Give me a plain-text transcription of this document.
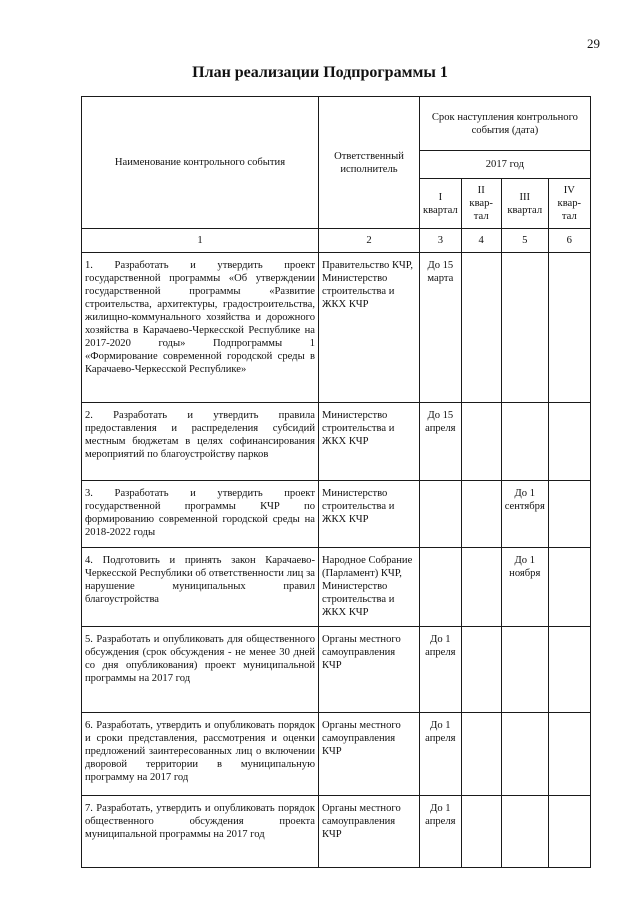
29
План реализации Подпрограммы 1
Наименование контрольного события	Ответственный исполнитель	Срок наступления контрольного события (дата)			
		2017 год			
		I квартал	II квар-тал	III квартал	IV квар-тал
1	2	3	4	5	6
1. Разработать и утвердить проект государственной программы «Об утверждении государственной программы «Развитие строительства, архитектуры, градостроительства, жилищно-коммунального хозяйства и дорожного хозяйства в Карачаево-Черкесской Республике на 2017-2020 годы» Подпрограммы 1 «Формирование современной городской среды в Карачаево-Черкесской Республике»	Правительство КЧР, Министерство строительства и ЖКХ КЧР	До 15 марта			
2. Разработать и утвердить правила предоставления и распределения субсидий местным бюджетам в целях софинансирования мероприятий по благоустройству парков	Министерство строительства и ЖКХ КЧР	До 15 апреля			
3. Разработать и утвердить проект государственной программы КЧР по формированию современной городской среды на 2018-2022 годы	Министерство строительства и ЖКХ КЧР			До 1 сентября	
4. Подготовить и принять закон Карачаево-Черкесской Республики об ответственности лиц за нарушение муниципальных правил благоустройства	Народное Собрание (Парламент) КЧР, Министерство строительства и ЖКХ КЧР			До 1 ноября	
5. Разработать и опубликовать для общественного обсуждения (срок обсуждения - не менее 30 дней со дня опубликования) проект муниципальной программы на 2017 год	Органы местного самоуправления КЧР	До 1 апреля			
6. Разработать, утвердить и опубликовать порядок и сроки представления, рассмотрения и оценки предложений заинтересованных лиц о включении дворовой территории в муниципальную программу на 2017 год	Органы местного самоуправления КЧР	До 1 апреля			
7. Разработать, утвердить и опубликовать порядок общественного обсуждения проекта муниципальной программы на 2017 год	Органы местного самоуправления КЧР	До 1 апреля			
